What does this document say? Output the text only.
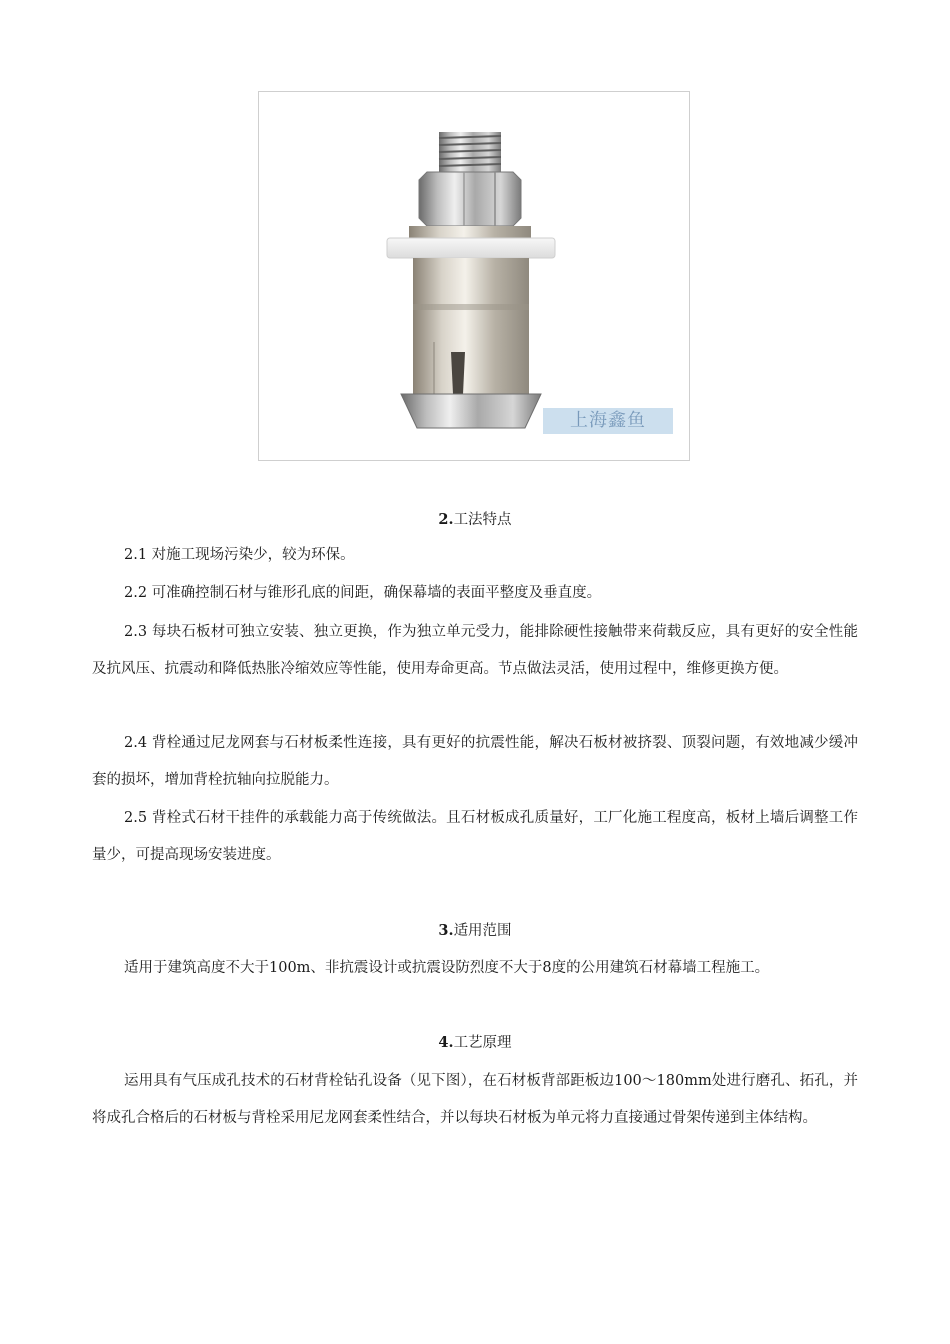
上海鑫鱼

2.工法特点

2.1 对施工现场污染少，较为环保。

2.2 可准确控制石材与锥形孔底的间距，确保幕墙的表面平整度及垂直度。

2.3 每块石板材可独立安装、独立更换，作为独立单元受力，能排除硬性接触带来荷载反应，具有更好的安全性能及抗风压、抗震动和降低热胀冷缩效应等性能，使用寿命更高。节点做法灵活，使用过程中，维修更换方便。

2.4 背栓通过尼龙网套与石材板柔性连接，具有更好的抗震性能，解决石板材被挤裂、顶裂问题，有效地减少缓冲套的损坏，增加背栓抗轴向拉脱能力。

2.5 背栓式石材干挂件的承载能力高于传统做法。且石材板成孔质量好，工厂化施工程度高，板材上墙后调整工作量少，可提高现场安装进度。

3.适用范围

适用于建筑高度不大于100m、非抗震设计或抗震设防烈度不大于8度的公用建筑石材幕墙工程施工。

4.工艺原理

运用具有气压成孔技术的石材背栓钻孔设备（见下图），在石材板背部距板边100～180mm处进行磨孔、拓孔，并将成孔合格后的石材板与背栓采用尼龙网套柔性结合，并以每块石材板为单元将力直接通过骨架传递到主体结构。
